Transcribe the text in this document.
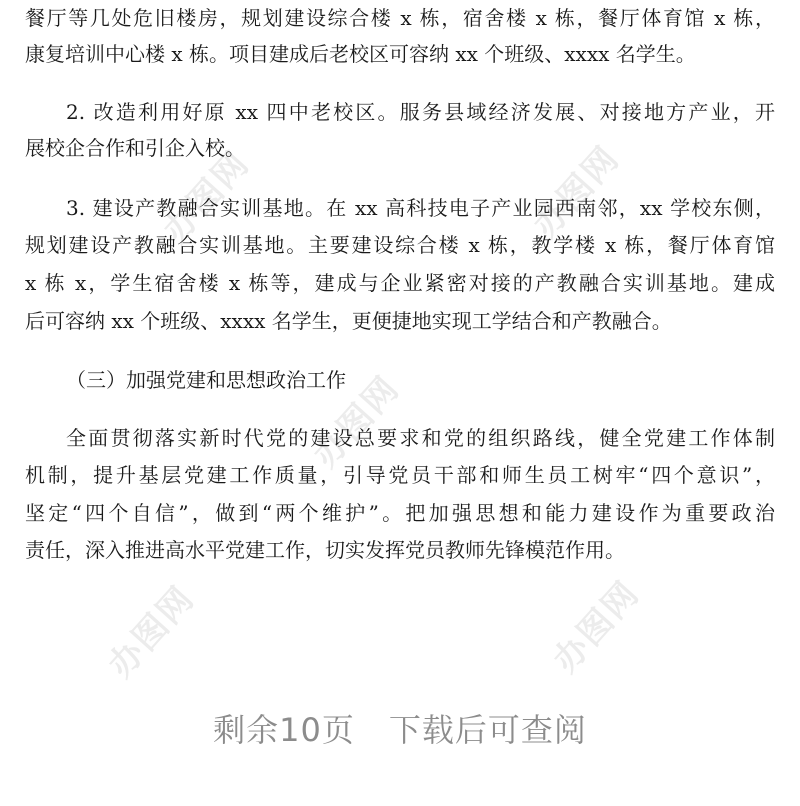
办图网	办图网
办图网
办图网	办图网
餐厅等几处危旧楼房，规划建设综合楼 x 栋，宿舍楼 x 栋，餐厅体育馆 x 栋，
康复培训中心楼 x 栋。项目建成后老校区可容纳 xx 个班级、xxxx 名学生。
2. 改造利用好原 xx 四中老校区。服务县域经济发展、对接地方产业，开
展校企合作和引企入校。
3. 建设产教融合实训基地。在 xx 高科技电子产业园西南邻，xx 学校东侧，
规划建设产教融合实训基地。主要建设综合楼 x 栋，教学楼 x 栋，餐厅体育馆
x 栋 x，学生宿舍楼 x 栋等，建成与企业紧密对接的产教融合实训基地。建成
后可容纳 xx 个班级、xxxx 名学生，更便捷地实现工学结合和产教融合。
（三）加强党建和思想政治工作
全面贯彻落实新时代党的建设总要求和党的组织路线，健全党建工作体制
机制，提升基层党建工作质量，引导党员干部和师生员工树牢“四个意识”，
坚定“四个自信”，做到“两个维护”。把加强思想和能力建设作为重要政治
责任，深入推进高水平党建工作，切实发挥党员教师先锋模范作用。
剩余10页 下载后可查阅
